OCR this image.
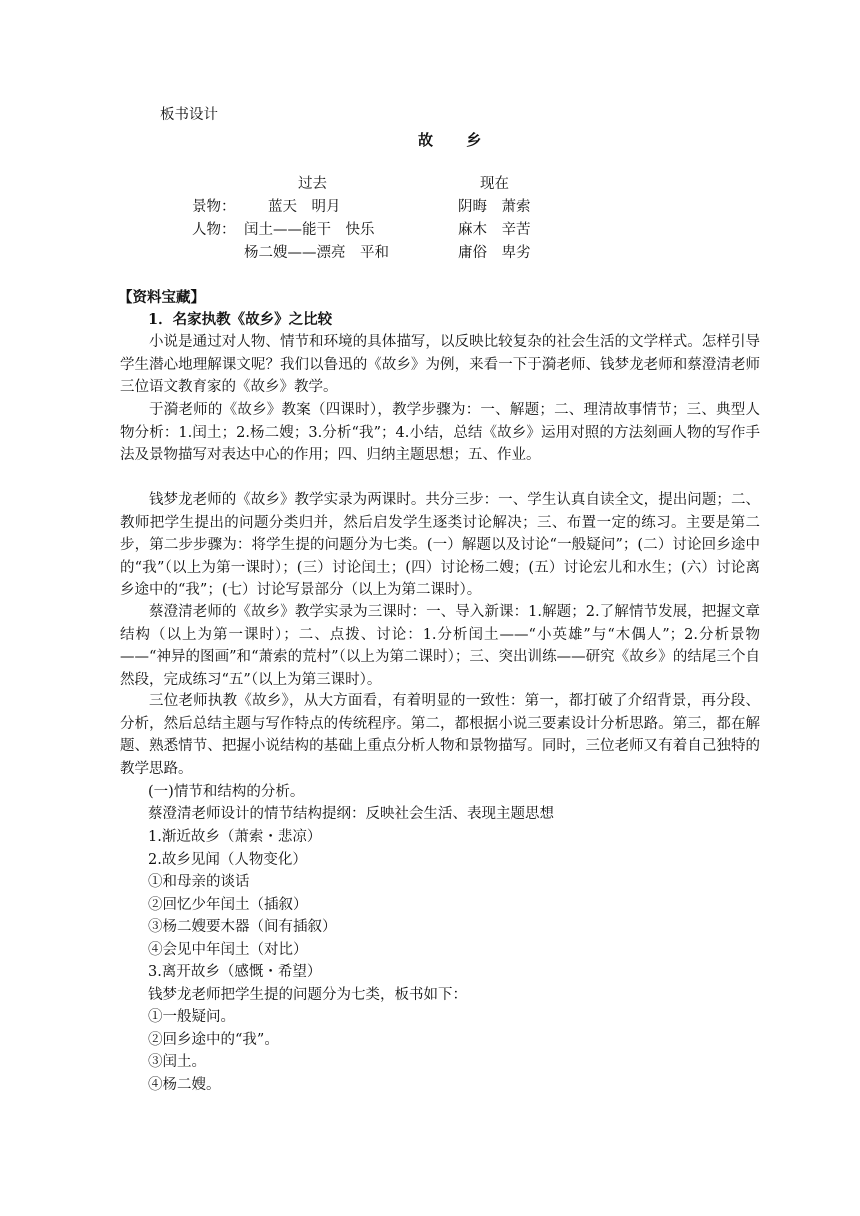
板书设计
故 乡
过去	现在
景物： 蓝天　明月	阴晦　萧索
人物： 闰土——能干　快乐	麻木　辛苦
杨二嫂——漂亮　平和	庸俗　卑劣
【资料宝藏】
1．名家执教《故乡》之比较

小说是通过对人物、情节和环境的具体描写，以反映比较复杂的社会生活的文学样式。怎样引导学生潜心地理解课文呢？我们以鲁迅的《故乡》为例，来看一下于漪老师、钱梦龙老师和蔡澄清老师三位语文教育家的《故乡》教学。

于漪老师的《故乡》教案（四课时），教学步骤为：一、解题；二、理清故事情节；三、典型人物分析：1.闰土；2.杨二嫂；3.分析“我”；4.小结，总结《故乡》运用对照的方法刻画人物的写作手法及景物描写对表达中心的作用；四、归纳主题思想；五、作业。

钱梦龙老师的《故乡》教学实录为两课时。共分三步：一、学生认真自读全文，提出问题；二、教师把学生提出的问题分类归并，然后启发学生逐类讨论解决；三、布置一定的练习。主要是第二步，第二步步骤为：将学生提的问题分为七类。(一）解题以及讨论“一般疑问”；(二）讨论回乡途中的“我”（以上为第一课时）；(三）讨论闰土；(四）讨论杨二嫂；(五）讨论宏儿和水生；(六）讨论离乡途中的“我”；(七）讨论写景部分（以上为第二课时）。

蔡澄清老师的《故乡》教学实录为三课时：一、导入新课：1.解题；2.了解情节发展，把握文章结构（以上为第一课时）；二、点拨、讨论：1.分析闰土——“小英雄”与“木偶人”；2.分析景物——“神异的图画”和“萧索的荒村”（以上为第二课时）；三、突出训练——研究《故乡》的结尾三个自然段，完成练习“五”（以上为第三课时）。

三位老师执教《故乡》，从大方面看，有着明显的一致性：第一，都打破了介绍背景，再分段、分析，然后总结主题与写作特点的传统程序。第二，都根据小说三要素设计分析思路。第三，都在解题、熟悉情节、把握小说结构的基础上重点分析人物和景物描写。同时，三位老师又有着自己独特的教学思路。

(一)情节和结构的分析。
蔡澄清老师设计的情节结构提纲：反映社会生活、表现主题思想
1.渐近故乡（萧索・悲凉）
2.故乡见闻（人物变化）
①和母亲的谈话
②回忆少年闰土（插叙）
③杨二嫂要木器（间有插叙）
④会见中年闰土（对比）
3.离开故乡（感慨・希望）
钱梦龙老师把学生提的问题分为七类，板书如下：
①一般疑问。
②回乡途中的“我”。
③闰土。
④杨二嫂。
